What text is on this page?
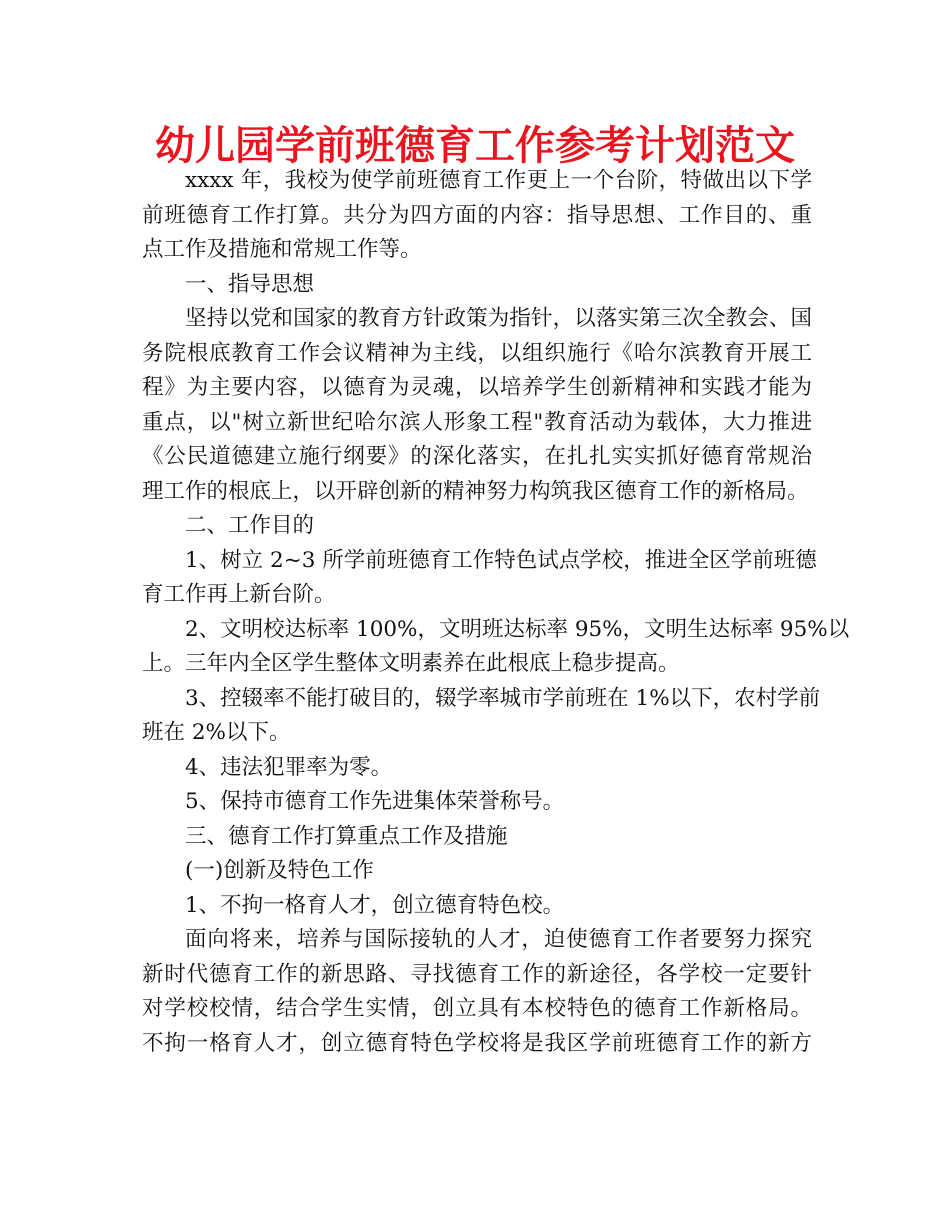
幼儿园学前班德育工作参考计划范文
xxxx 年，我校为使学前班德育工作更上一个台阶，特做出以下学
前班德育工作打算。共分为四方面的内容：指导思想、工作目的、重
点工作及措施和常规工作等。
一、指导思想
坚持以党和国家的教育方针政策为指针，以落实第三次全教会、国
务院根底教育工作会议精神为主线，以组织施行《哈尔滨教育开展工
程》为主要内容，以德育为灵魂，以培养学生创新精神和实践才能为
重点，以"树立新世纪哈尔滨人形象工程"教育活动为载体，大力推进
《公民道德建立施行纲要》的深化落实，在扎扎实实抓好德育常规治
理工作的根底上，以开辟创新的精神努力构筑我区德育工作的新格局。
二、工作目的
1、树立 2~3 所学前班德育工作特色试点学校，推进全区学前班德
育工作再上新台阶。
2、文明校达标率 100%，文明班达标率 95%，文明生达标率 95%以
上。三年内全区学生整体文明素养在此根底上稳步提高。
3、控辍率不能打破目的，辍学率城市学前班在 1%以下，农村学前
班在 2%以下。
4、违法犯罪率为零。
5、保持市德育工作先进集体荣誉称号。
三、德育工作打算重点工作及措施
(一)创新及特色工作
1、不拘一格育人才，创立德育特色校。
面向将来，培养与国际接轨的人才，迫使德育工作者要努力探究
新时代德育工作的新思路、寻找德育工作的新途径，各学校一定要针
对学校校情，结合学生实情，创立具有本校特色的德育工作新格局。
不拘一格育人才，创立德育特色学校将是我区学前班德育工作的新方
